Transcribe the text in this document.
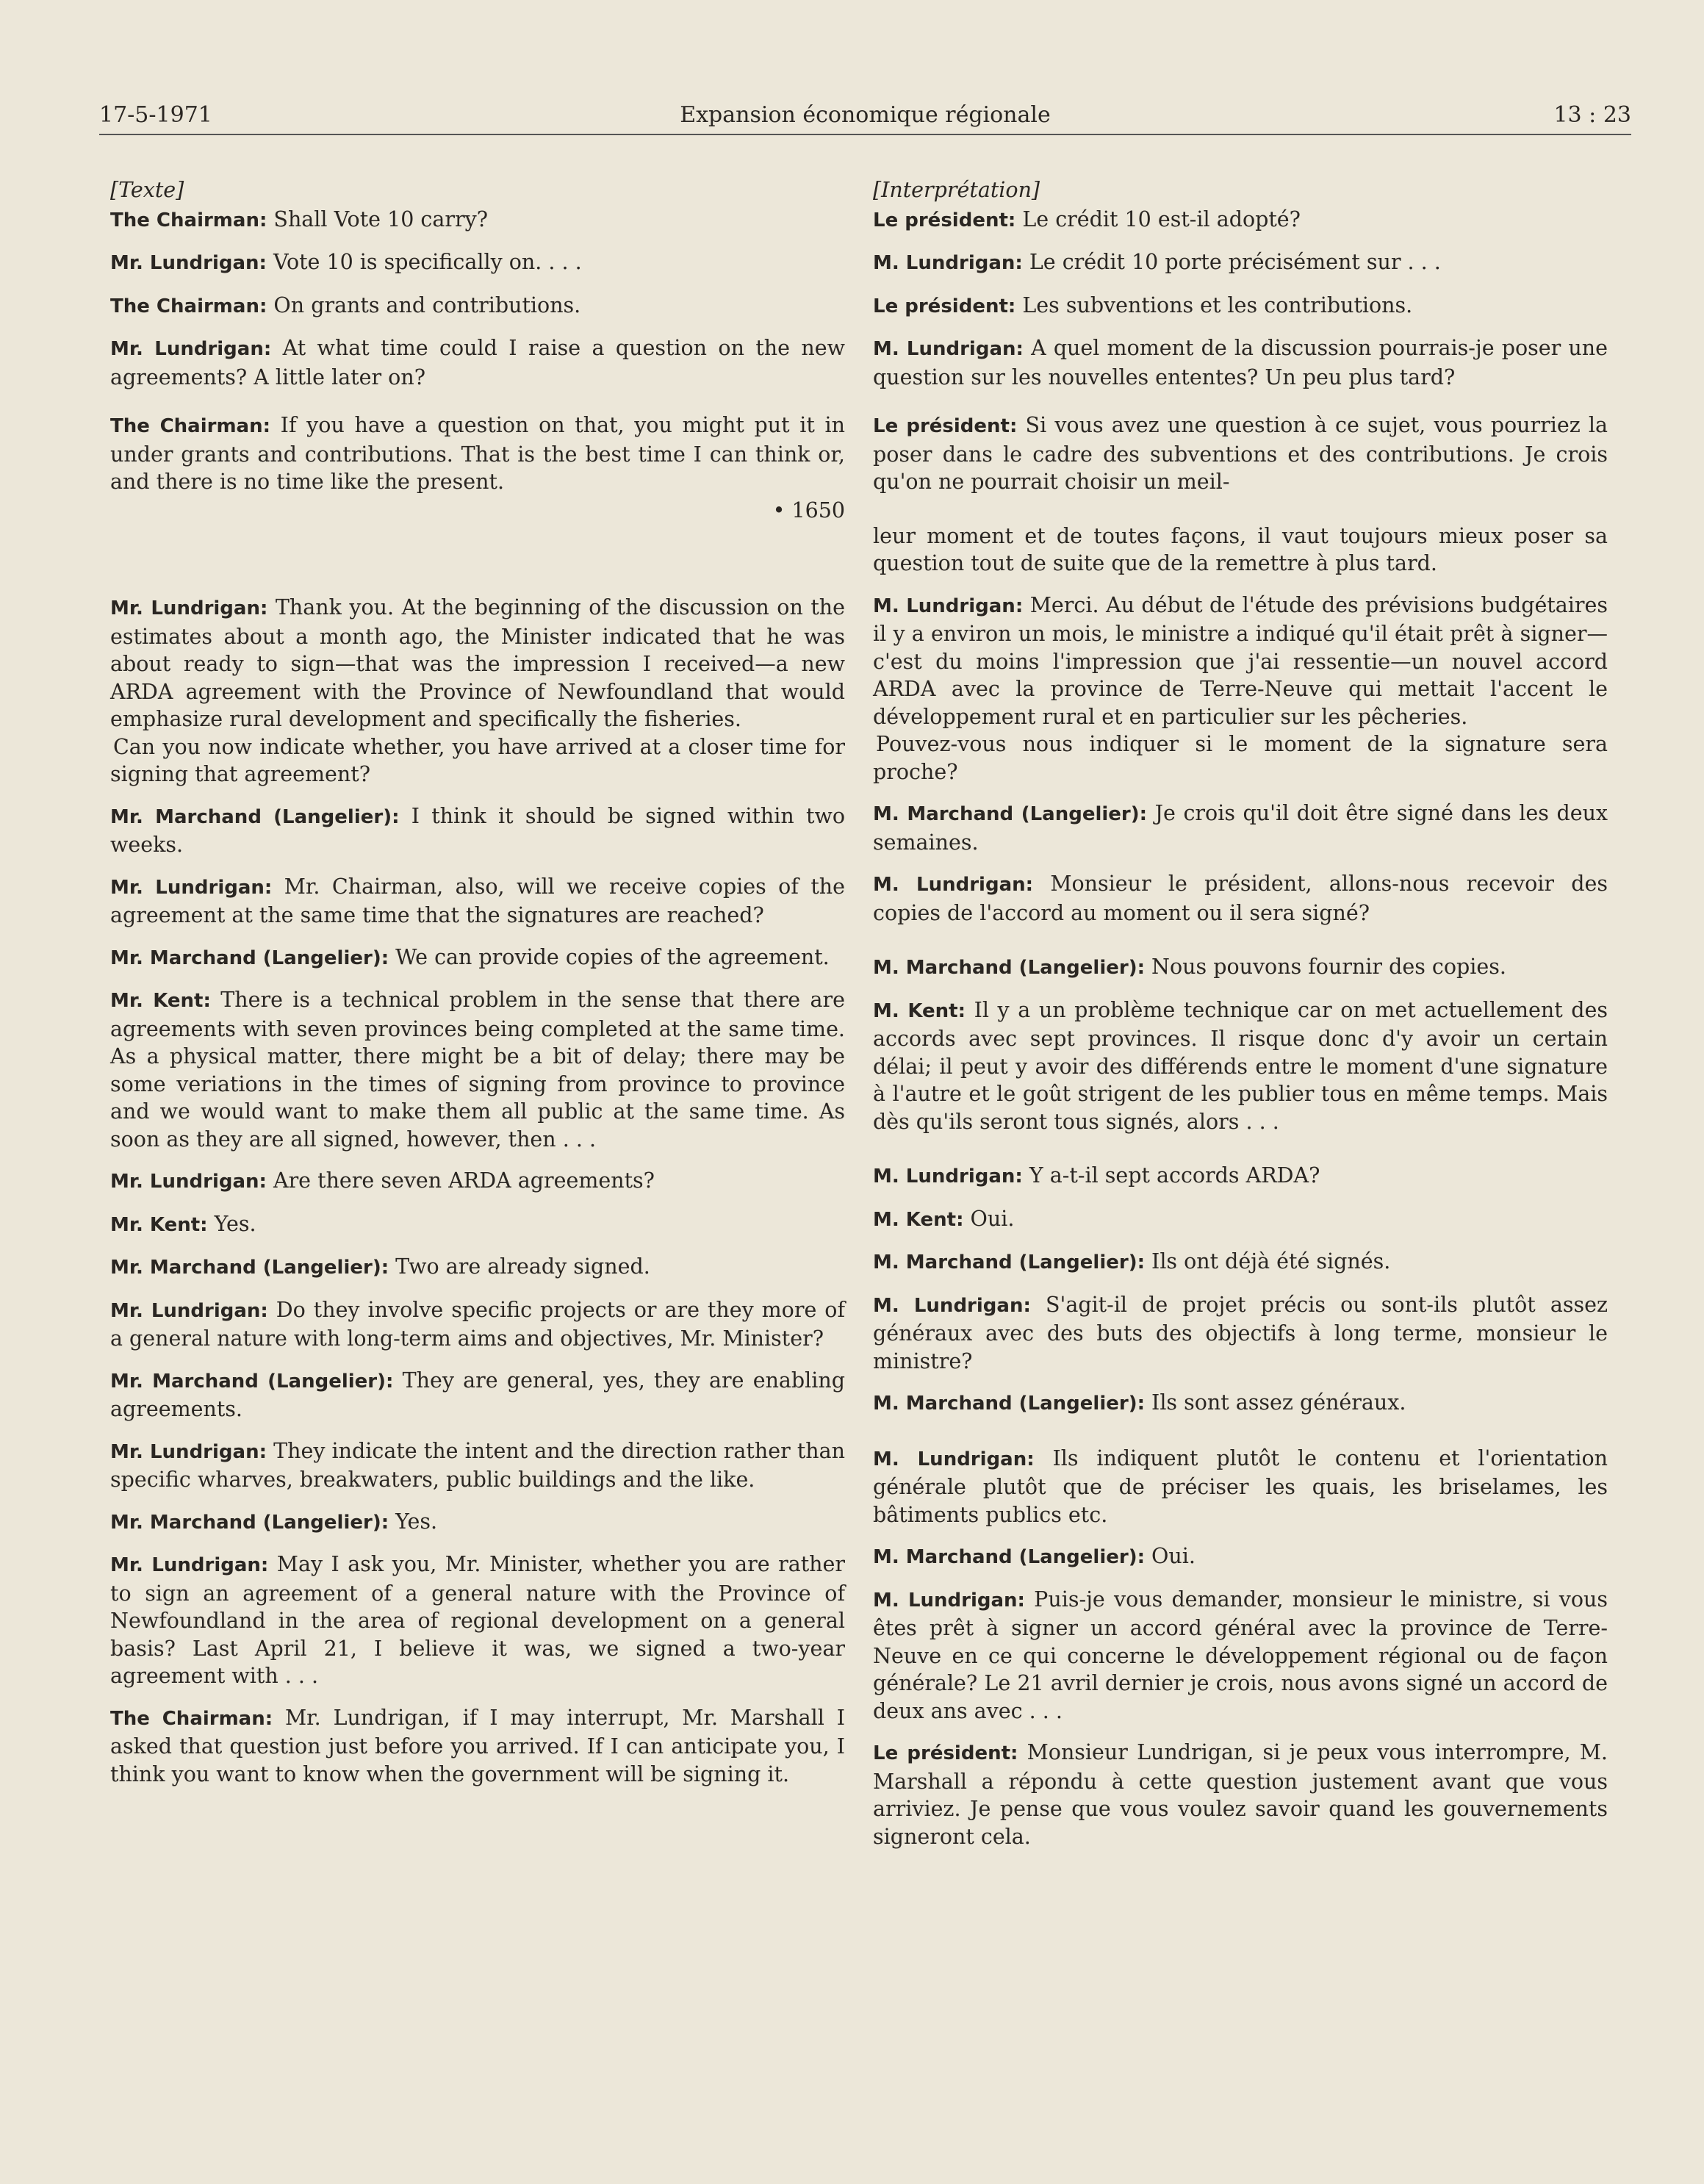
17-5-1971	Expansion économique régionale	13 : 23

[Texte]

The Chairman: Shall Vote 10 carry?

Mr. Lundrigan: Vote 10 is specifically on. . . .

The Chairman: On grants and contributions.

Mr. Lundrigan: At what time could I raise a question on the new agreements? A little later on?

The Chairman: If you have a question on that, you might put it in under grants and contributions. That is the best time I can think or, and there is no time like the present.

• 1650

Mr. Lundrigan: Thank you. At the beginning of the discussion on the estimates about a month ago, the Minister indicated that he was about ready to sign—that was the impression I received—a new ARDA agreement with the Province of Newfoundland that would emphasize rural development and specifically the fisheries.

Can you now indicate whether, you have arrived at a closer time for signing that agreement?

Mr. Marchand (Langelier): I think it should be signed within two weeks.

Mr. Lundrigan: Mr. Chairman, also, will we receive copies of the agreement at the same time that the signatures are reached?

Mr. Marchand (Langelier): We can provide copies of the agreement.

Mr. Kent: There is a technical problem in the sense that there are agreements with seven provinces being completed at the same time. As a physical matter, there might be a bit of delay; there may be some veriations in the times of signing from province to province and we would want to make them all public at the same time. As soon as they are all signed, however, then . . .

Mr. Lundrigan: Are there seven ARDA agreements?

Mr. Kent: Yes.

Mr. Marchand (Langelier): Two are already signed.

Mr. Lundrigan: Do they involve specific projects or are they more of a general nature with long-term aims and objectives, Mr. Minister?

Mr. Marchand (Langelier): They are general, yes, they are enabling agreements.

Mr. Lundrigan: They indicate the intent and the direction rather than specific wharves, breakwaters, public buildings and the like.

Mr. Marchand (Langelier): Yes.

Mr. Lundrigan: May I ask you, Mr. Minister, whether you are rather to sign an agreement of a general nature with the Province of Newfoundland in the area of regional development on a general basis? Last April 21, I believe it was, we signed a two-year agreement with . . .

The Chairman: Mr. Lundrigan, if I may interrupt, Mr. Marshall I asked that question just before you arrived. If I can anticipate you, I think you want to know when the government will be signing it.

[Interprétation]

Le président: Le crédit 10 est-il adopté?

M. Lundrigan: Le crédit 10 porte précisément sur . . .

Le président: Les subventions et les contributions.

M. Lundrigan: A quel moment de la discussion pourrais-je poser une question sur les nouvelles ententes? Un peu plus tard?

Le président: Si vous avez une question à ce sujet, vous pourriez la poser dans le cadre des subventions et des contributions. Je crois qu'on ne pourrait choisir un meil-

leur moment et de toutes façons, il vaut toujours mieux poser sa question tout de suite que de la remettre à plus tard.

M. Lundrigan: Merci. Au début de l'étude des prévisions budgétaires il y a environ un mois, le ministre a indiqué qu'il était prêt à signer—c'est du moins l'impression que j'ai ressentie—un nouvel accord ARDA avec la province de Terre-Neuve qui mettait l'accent le développement rural et en particulier sur les pêcheries.

Pouvez-vous nous indiquer si le moment de la signature sera proche?

M. Marchand (Langelier): Je crois qu'il doit être signé dans les deux semaines.

M. Lundrigan: Monsieur le président, allons-nous recevoir des copies de l'accord au moment ou il sera signé?

M. Marchand (Langelier): Nous pouvons fournir des copies.

M. Kent: Il y a un problème technique car on met actuellement des accords avec sept provinces. Il risque donc d'y avoir un certain délai; il peut y avoir des différends entre le moment d'une signature à l'autre et le goût strigent de les publier tous en même temps. Mais dès qu'ils seront tous signés, alors . . .

M. Lundrigan: Y a-t-il sept accords ARDA?

M. Kent: Oui.

M. Marchand (Langelier): Ils ont déjà été signés.

M. Lundrigan: S'agit-il de projet précis ou sont-ils plutôt assez généraux avec des buts des objectifs à long terme, monsieur le ministre?

M. Marchand (Langelier): Ils sont assez généraux.

M. Lundrigan: Ils indiquent plutôt le contenu et l'orientation générale plutôt que de préciser les quais, les briselames, les bâtiments publics etc.

M. Marchand (Langelier): Oui.

M. Lundrigan: Puis-je vous demander, monsieur le ministre, si vous êtes prêt à signer un accord général avec la province de Terre-Neuve en ce qui concerne le développement régional ou de façon générale? Le 21 avril dernier je crois, nous avons signé un accord de deux ans avec . . .

Le président: Monsieur Lundrigan, si je peux vous interrompre, M. Marshall a répondu à cette question justement avant que vous arriviez. Je pense que vous voulez savoir quand les gouvernements signeront cela.
